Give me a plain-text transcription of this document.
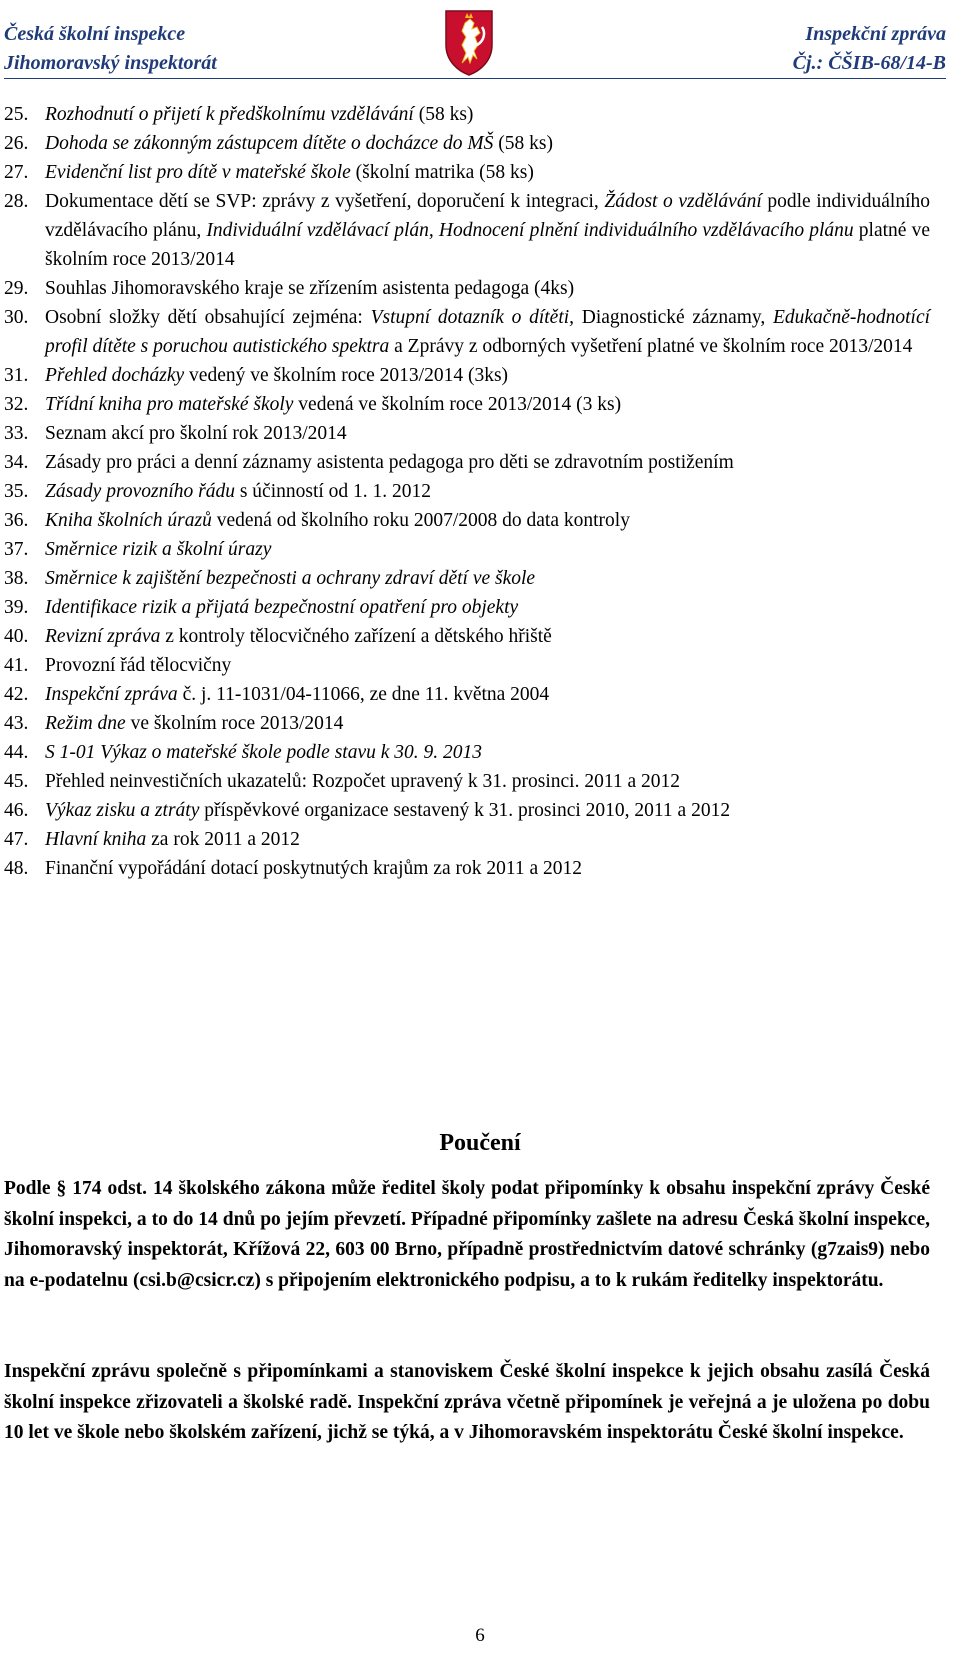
Česká školní inspekce
Jihomoravský inspektorát
Inspekční zpráva
Čj.: ČŠIB-68/14-B
25. Rozhodnutí o přijetí k předškolnímu vzdělávání (58 ks)
26. Dohoda se zákonným zástupcem dítěte o docházce do MŠ (58 ks)
27. Evidenční list pro dítě v mateřské škole (školní matrika (58 ks)
28. Dokumentace dětí se SVP: zprávy z vyšetření, doporučení k integraci, Žádost o vzdělávání podle individuálního vzdělávacího plánu, Individuální vzdělávací plán, Hodnocení plnění individuálního vzdělávacího plánu platné ve školním roce 2013/2014
29. Souhlas Jihomoravského kraje se zřízením asistenta pedagoga (4ks)
30. Osobní složky dětí obsahující zejména: Vstupní dotazník o dítěti, Diagnostické záznamy, Edukačně-hodnotící profil dítěte s poruchou autistického spektra a Zprávy z odborných vyšetření platné ve školním roce 2013/2014
31. Přehled docházky vedený ve školním roce 2013/2014 (3ks)
32. Třídní kniha pro mateřské školy vedená ve školním roce 2013/2014 (3 ks)
33. Seznam akcí pro školní rok 2013/2014
34. Zásady pro práci a denní záznamy asistenta pedagoga pro děti se zdravotním postižením
35. Zásady provozního řádu s účinností od 1. 1. 2012
36. Kniha školních úrazů vedená od školního roku 2007/2008 do data kontroly
37. Směrnice rizik a školní úrazy
38. Směrnice k zajištění bezpečnosti a ochrany zdraví dětí ve škole
39. Identifikace rizik a přijatá bezpečnostní opatření pro objekty
40. Revizní zpráva z kontroly tělocvičného zařízení a dětského hřiště
41. Provozní řád tělocvičny
42. Inspekční zpráva č. j. 11-1031/04-11066, ze dne 11. května 2004
43. Režim dne ve školním roce 2013/2014
44. S 1-01 Výkaz o mateřské škole podle stavu k 30. 9. 2013
45. Přehled neinvestičních ukazatelů: Rozpočet upravený k 31. prosinci. 2011 a 2012
46. Výkaz zisku a ztráty příspěvkové organizace sestavený k 31. prosinci 2010, 2011 a 2012
47. Hlavní kniha za rok 2011 a 2012
48. Finanční vypořádání dotací poskytnutých krajům za rok 2011 a 2012
Poučení

Podle § 174 odst. 14 školského zákona může ředitel školy podat připomínky k obsahu inspekční zprávy České školní inspekci, a to do 14 dnů po jejím převzetí. Případné připomínky zašlete na adresu Česká školní inspekce, Jihomoravský inspektorát, Křížová 22, 603 00 Brno, případně prostřednictvím datové schránky (g7zais9) nebo na e-podatelnu (csi.b@csicr.cz) s připojením elektronického podpisu, a to k rukám ředitelky inspektorátu.

Inspekční zprávu společně s připomínkami a stanoviskem České školní inspekce k jejich obsahu zasílá Česká školní inspekce zřizovateli a školské radě. Inspekční zpráva včetně připomínek je veřejná a je uložena po dobu 10 let ve škole nebo školském zařízení, jichž se týká, a v Jihomoravském inspektorátu České školní inspekce.

6
